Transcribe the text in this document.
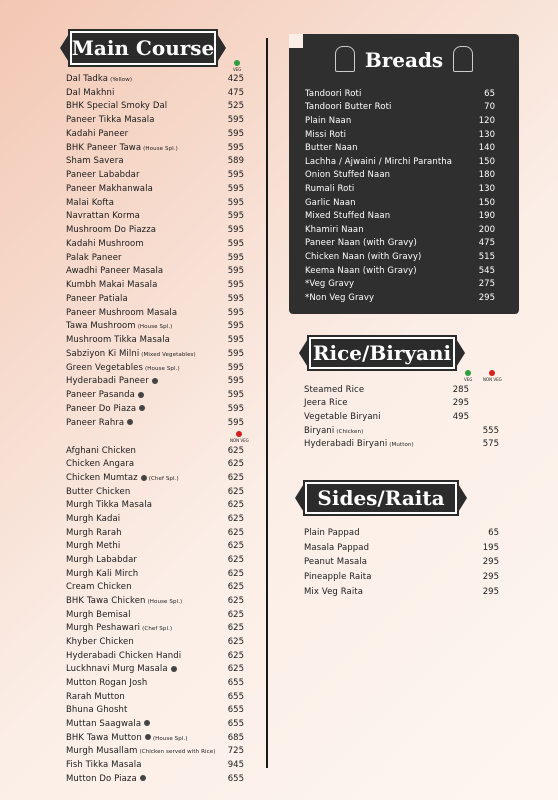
Main Course
VEG
Dal Tadka (Yellow)	425
Dal Makhni	475
BHK Special Smoky Dal	525
Paneer Tikka Masala	595
Kadahi Paneer	595
BHK Paneer Tawa (House Spl.)	595
Sham Savera	589
Paneer Lababdar	595
Paneer Makhanwala	595
Malai Kofta	595
Navrattan Korma	595
Mushroom Do Piazza	595
Kadahi Mushroom	595
Palak Paneer	595
Awadhi Paneer Masala	595
Kumbh Makai Masala	595
Paneer Patiala	595
Paneer Mushroom Masala	595
Tawa Mushroom (House Spl.)	595
Mushroom Tikka Masala	595
Sabziyon Ki Milni (Mixed Vegetables)	595
Green Vegetables (House Spl.)	595
Hyderabadi Paneer	595
Paneer Pasanda	595
Paneer Do Piaza	595
Paneer Rahra	595
NON VEG
Afghani Chicken	625
Chicken Angara	625
Chicken Mumtaz (Chef Spl.)	625
Butter Chicken	625
Murgh Tikka Masala	625
Murgh Kadai	625
Murgh Rarah	625
Murgh Methi	625
Murgh Lababdar	625
Murgh Kali Mirch	625
Cream Chicken	625
BHK Tawa Chicken (House Spl.)	625
Murgh Bemisal	625
Murgh Peshawari (Chef Spl.)	625
Khyber Chicken	625
Hyderabadi Chicken Handi	625
Luckhnavi Murg Masala	625
Mutton Rogan Josh	655
Rarah Mutton	655
Bhuna Ghosht	655
Muttan Saagwala	655
BHK Tawa Mutton (House Spl.)	685
Murgh Musallam (Chicken served with Rice) 725
Fish Tikka Masala	945
Mutton Do Piaza	655
Breads
Tandoori Roti	65
Tandoori Butter Roti	70
Plain Naan	120
Missi Roti	130
Butter Naan	140
Lachha / Ajwaini / Mirchi Parantha	150
Onion Stuffed Naan	180
Rumali Roti	130
Garlic Naan	150
Mixed Stuffed Naan	190
Khamiri Naan	200
Paneer Naan (with Gravy)	475
Chicken Naan (with Gravy)	515
Keema Naan (with Gravy)	545
*Veg Gravy	275
*Non Veg Gravy	295
Rice/Biryani
VEG	NON VEG
Steamed Rice	285
Jeera Rice	295
Vegetable Biryani	495
Biryani (Chicken)	555
Hyderabadi Biryani (Mutton)	575
Sides/Raita
Plain Pappad	65
Masala Pappad	195
Peanut Masala	295
Pineapple Raita	295
Mix Veg Raita	295
